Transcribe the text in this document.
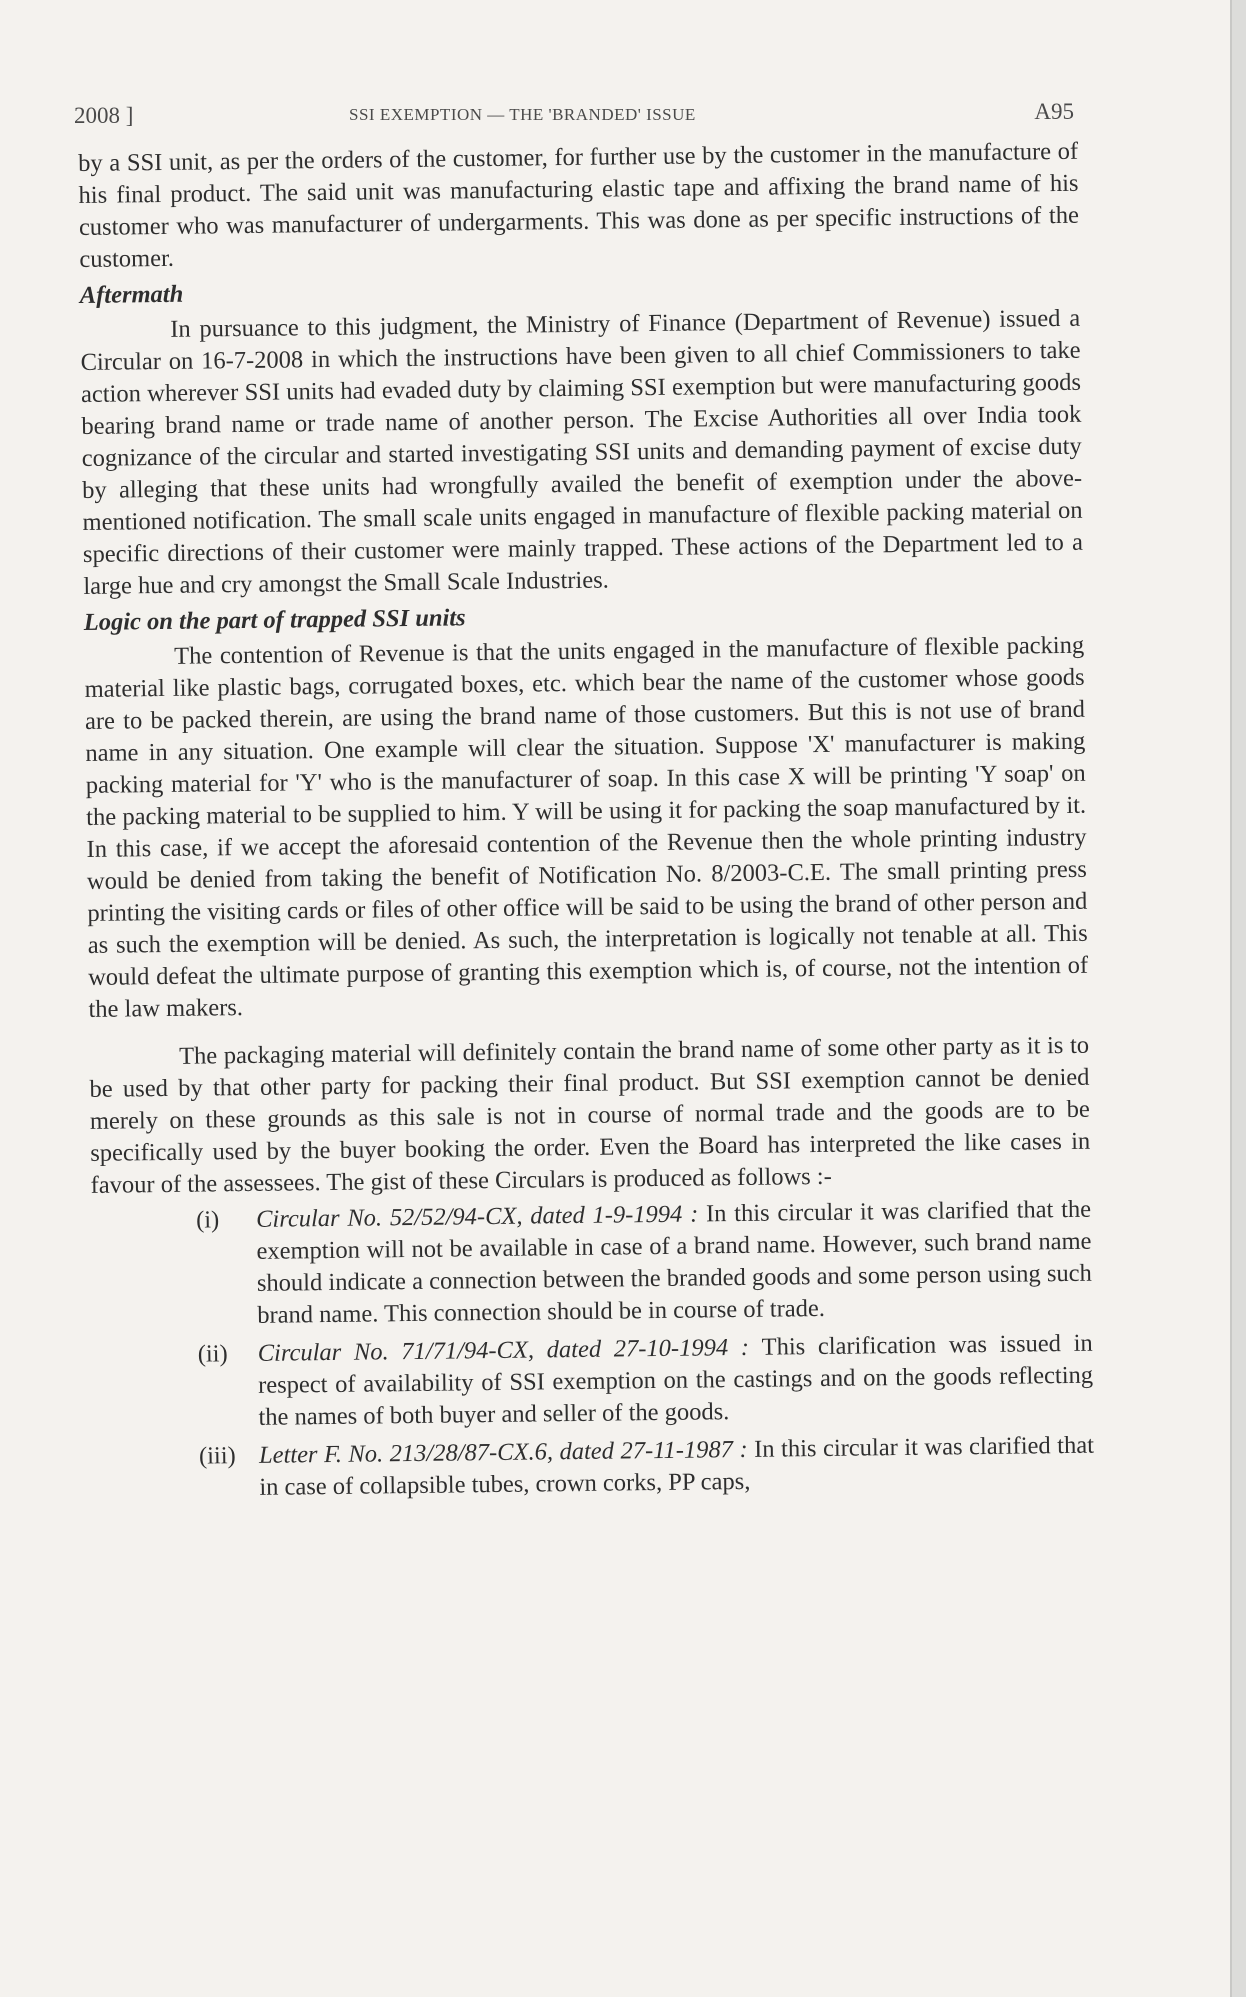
2008 ]	SSI EXEMPTION — THE 'BRANDED' ISSUE	A95

by a SSI unit, as per the orders of the customer, for further use by the customer in the manufacture of his final product. The said unit was manufacturing elastic tape and affixing the brand name of his customer who was manufacturer of undergarments. This was done as per specific instructions of the customer.

Aftermath

In pursuance to this judgment, the Ministry of Finance (Department of Revenue) issued a Circular on 16-7-2008 in which the instructions have been given to all chief Commissioners to take action wherever SSI units had evaded duty by claiming SSI exemption but were manufacturing goods bearing brand name or trade name of another person. The Excise Authorities all over India took cognizance of the circular and started investigating SSI units and demanding payment of excise duty by alleging that these units had wrongfully availed the benefit of exemption under the above-mentioned notification. The small scale units engaged in manufacture of flexible packing material on specific directions of their customer were mainly trapped. These actions of the Department led to a large hue and cry amongst the Small Scale Industries.

Logic on the part of trapped SSI units

The contention of Revenue is that the units engaged in the manufacture of flexible packing material like plastic bags, corrugated boxes, etc. which bear the name of the customer whose goods are to be packed therein, are using the brand name of those customers. But this is not use of brand name in any situation. One example will clear the situation. Suppose 'X' manufacturer is making packing material for 'Y' who is the manufacturer of soap. In this case X will be printing 'Y soap' on the packing material to be supplied to him. Y will be using it for packing the soap manufactured by it. In this case, if we accept the aforesaid contention of the Revenue then the whole printing industry would be denied from taking the benefit of Notification No. 8/2003-C.E. The small printing press printing the visiting cards or files of other office will be said to be using the brand of other person and as such the exemption will be denied. As such, the interpretation is logically not tenable at all. This would defeat the ultimate purpose of granting this exemption which is, of course, not the intention of the law makers.

The packaging material will definitely contain the brand name of some other party as it is to be used by that other party for packing their final product. But SSI exemption cannot be denied merely on these grounds as this sale is not in course of normal trade and the goods are to be specifically used by the buyer booking the order. Even the Board has interpreted the like cases in favour of the assessees. The gist of these Circulars is produced as follows :-

(i) Circular No. 52/52/94-CX, dated 1-9-1994 : In this circular it was clarified that the exemption will not be available in case of a brand name. However, such brand name should indicate a connection between the branded goods and some person using such brand name. This connection should be in course of trade.
(ii) Circular No. 71/71/94-CX, dated 27-10-1994 : This clarification was issued in respect of availability of SSI exemption on the castings and on the goods reflecting the names of both buyer and seller of the goods.
(iii) Letter F. No. 213/28/87-CX.6, dated 27-11-1987 : In this circular it was clarified that in case of collapsible tubes, crown corks, PP caps,
